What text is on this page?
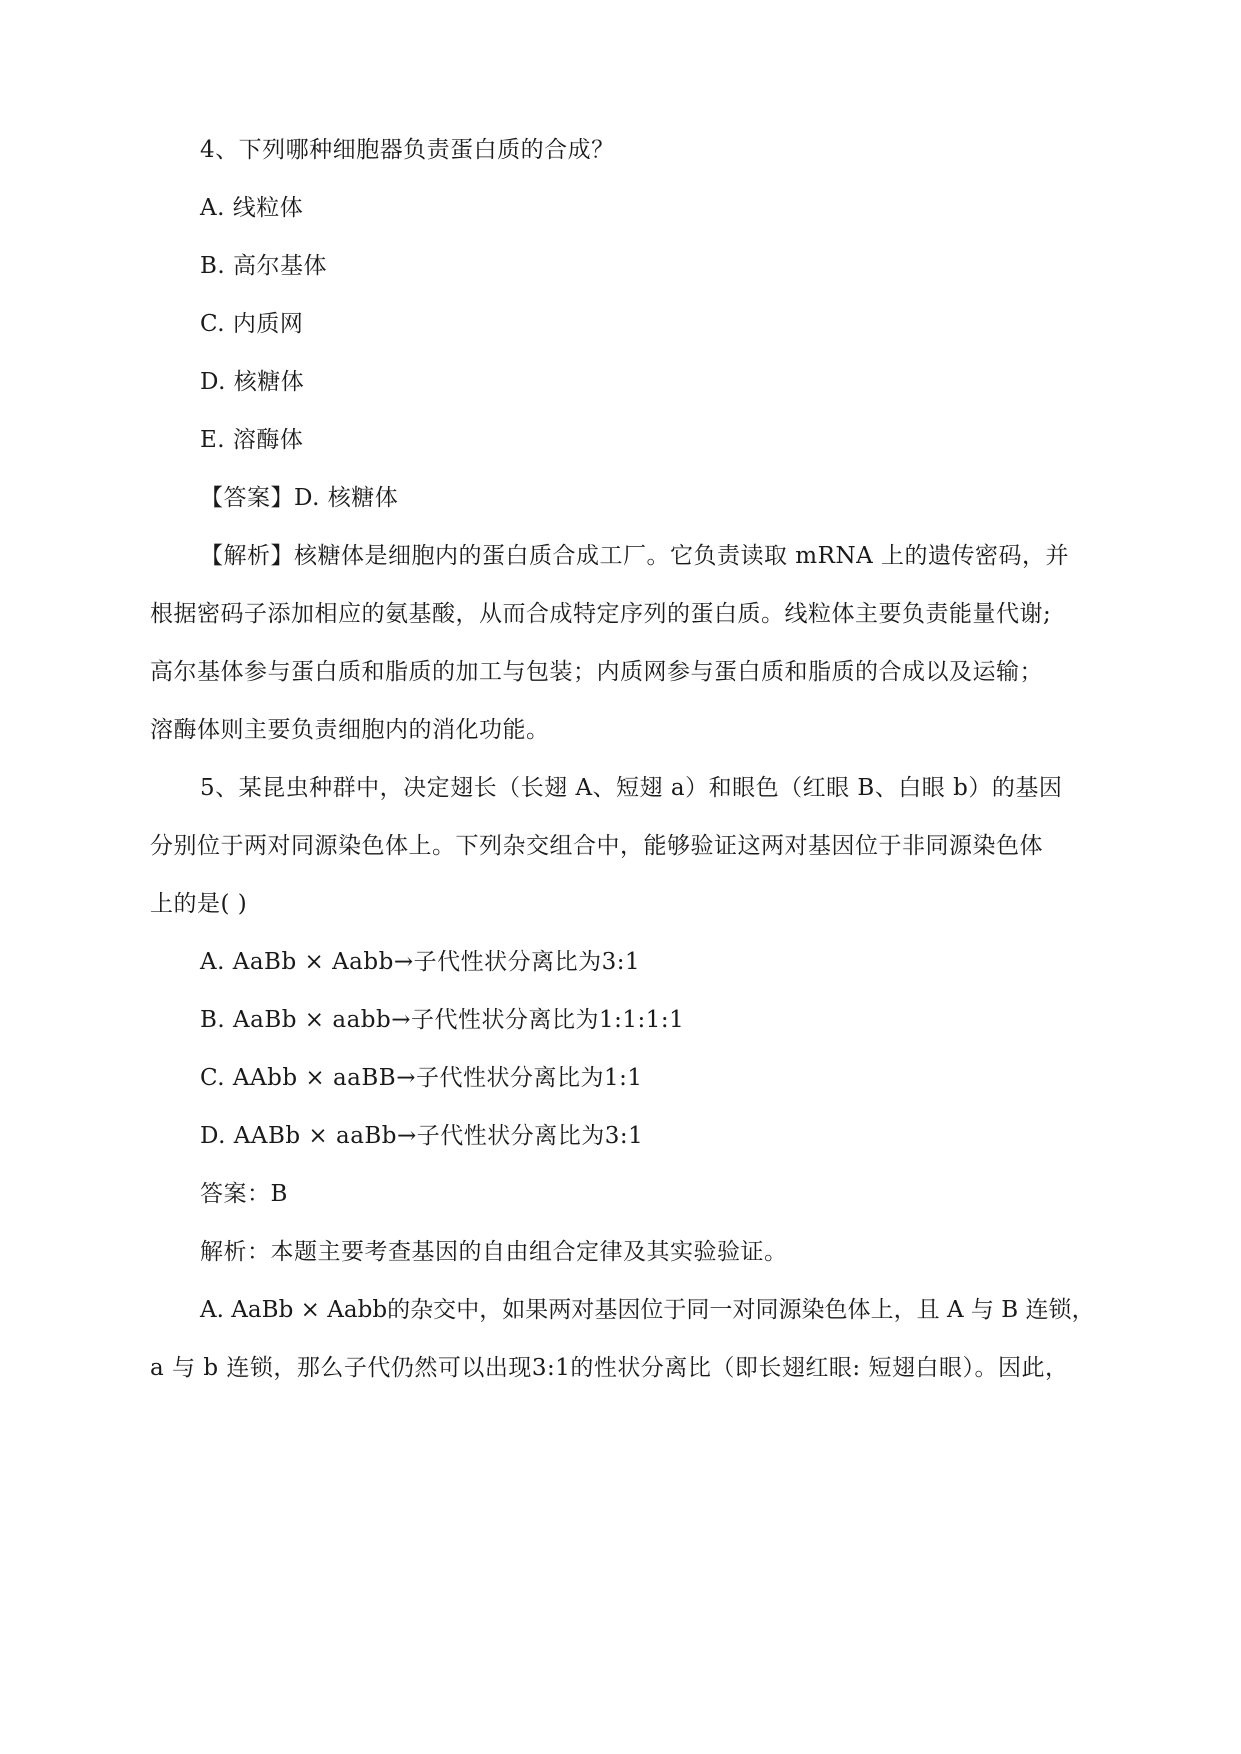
4、下列哪种细胞器负责蛋白质的合成？
A. 线粒体
B. 高尔基体
C. 内质网
D. 核糖体
E. 溶酶体
【答案】D. 核糖体
【解析】核糖体是细胞内的蛋白质合成工厂。它负责读取 mRNA 上的遗传密码，并
根据密码子添加相应的氨基酸，从而合成特定序列的蛋白质。线粒体主要负责能量代谢;
高尔基体参与蛋白质和脂质的加工与包装；内质网参与蛋白质和脂质的合成以及运输；
溶酶体则主要负责细胞内的消化功能。
5、某昆虫种群中，决定翅长（长翅 A、短翅 a）和眼色（红眼 B、白眼 b）的基因
分别位于两对同源染色体上。下列杂交组合中，能够验证这两对基因位于非同源染色体
上的是( )
A. AaBb × Aabb→子代性状分离比为3:1
B. AaBb × aabb→子代性状分离比为1:1:1:1
C. AAbb × aaBB→子代性状分离比为1:1
D. AABb × aaBb→子代性状分离比为3:1
答案：B
解析：本题主要考查基因的自由组合定律及其实验验证。
A. AaBb × Aabb的杂交中，如果两对基因位于同一对同源染色体上，且 A 与 B 连锁，
a 与 b 连锁，那么子代仍然可以出现3:1的性状分离比（即长翅红眼: 短翅白眼）。因此，
